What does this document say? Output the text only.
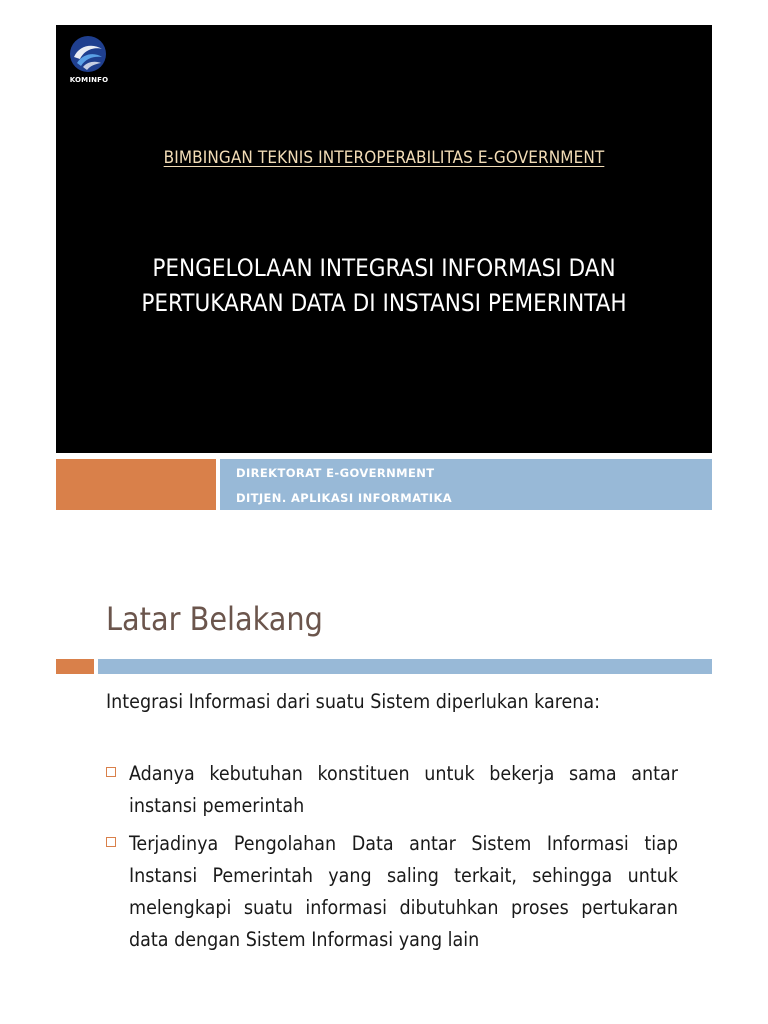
KOMINFO
BIMBINGAN TEKNIS INTEROPERABILITAS E-GOVERNMENT
PENGELOLAAN INTEGRASI INFORMASI DAN
PERTUKARAN DATA DI INSTANSI PEMERINTAH
DIREKTORAT E-GOVERNMENT
DITJEN. APLIKASI INFORMATIKA
Latar Belakang
Integrasi Informasi dari suatu Sistem diperlukan karena:
Adanya kebutuhan konstituen untuk bekerja sama antar instansi pemerintah
Terjadinya Pengolahan Data antar Sistem Informasi tiap Instansi Pemerintah yang saling terkait, sehingga untuk melengkapi suatu informasi dibutuhkan proses pertukaran data dengan Sistem Informasi yang lain
